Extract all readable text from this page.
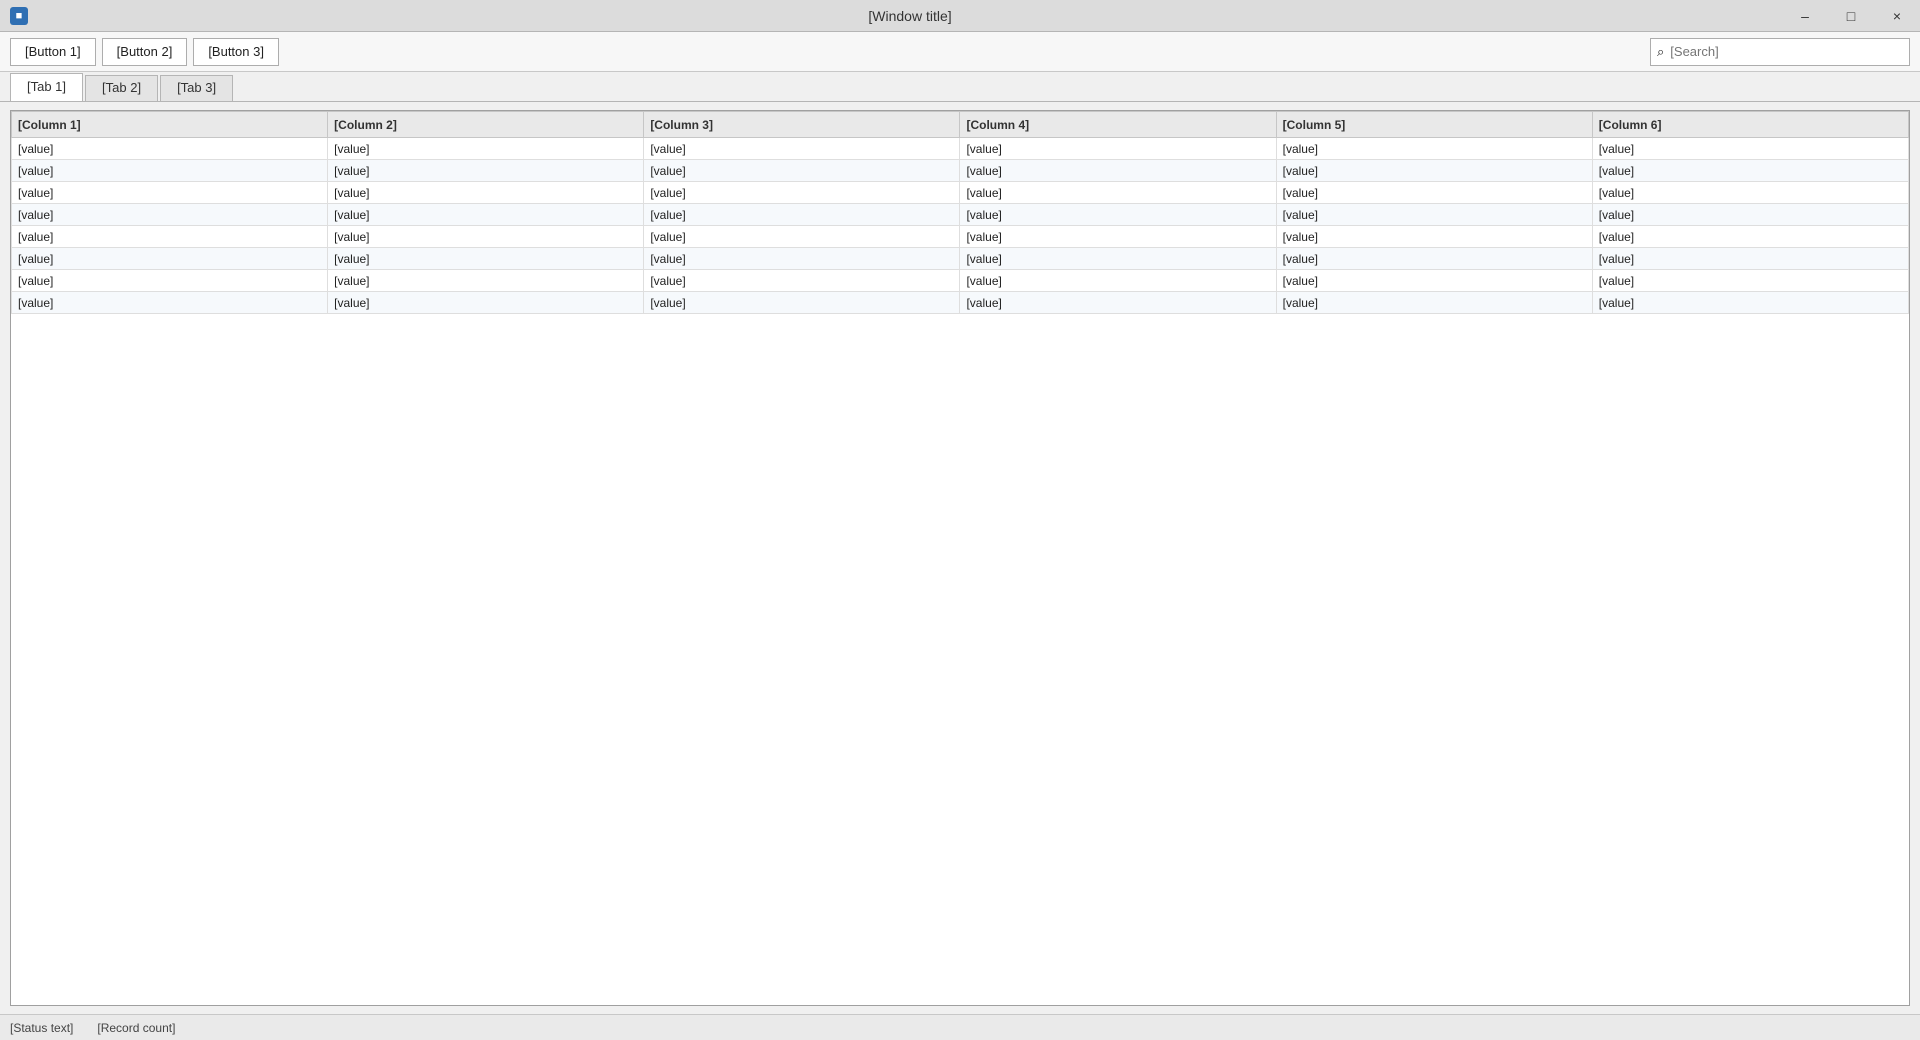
■	[Window title]	–	□	×
[Button 1]	[Button 2]	[Button 3]	⌕
[Search]
[Tab 1]	[Tab 2]	[Tab 3]
[Column 1]	[Column 2]	[Column 3]	[Column 4]	[Column 5]	[Column 6]
[value]	[value]	[value]	[value]	[value]	[value]
[value]	[value]	[value]	[value]	[value]	[value]
[value]	[value]	[value]	[value]	[value]	[value]
[value]	[value]	[value]	[value]	[value]	[value]
[value]	[value]	[value]	[value]	[value]	[value]
[value]	[value]	[value]	[value]	[value]	[value]
[value]	[value]	[value]	[value]	[value]	[value]
[value]	[value]	[value]	[value]	[value]	[value]
[Status text] [Record count]
